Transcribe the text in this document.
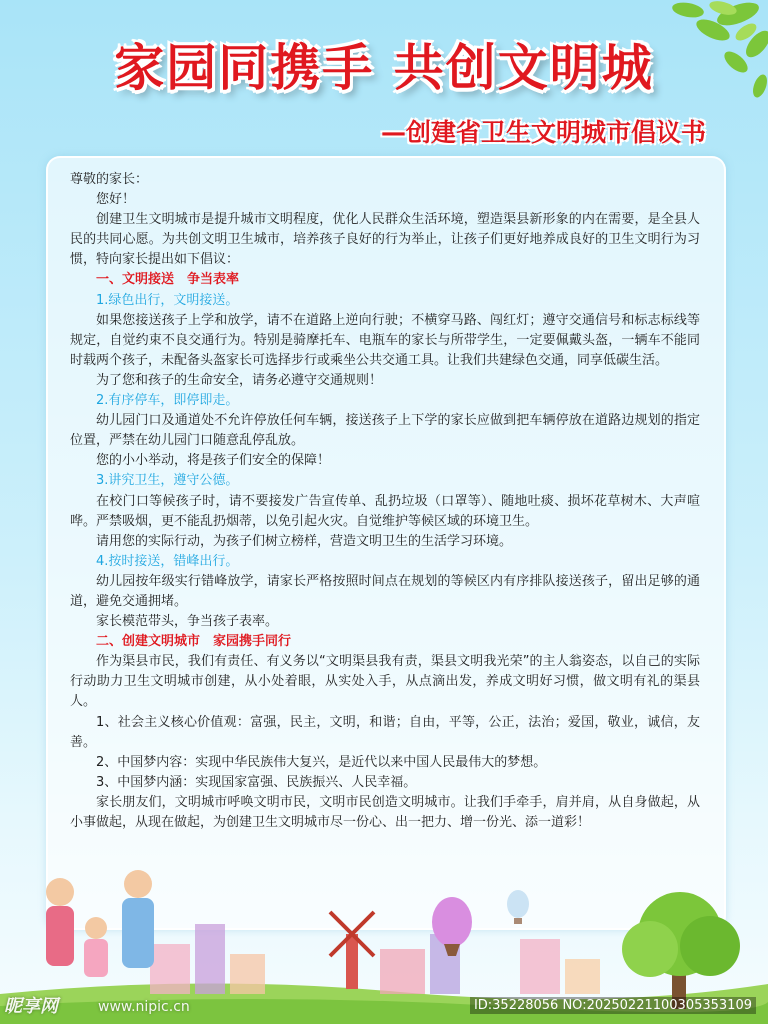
家园同携手 共创文明城
—创建省卫生文明城市倡议书

尊敬的家长：

您好！

创建卫生文明城市是提升城市文明程度，优化人民群众生活环境，塑造渠县新形象的内在需要，是全县人民的共同心愿。为共创文明卫生城市，培养孩子良好的行为举止，让孩子们更好地养成良好的卫生文明行为习惯，特向家长提出如下倡议：

一、文明接送　争当表率

1.绿色出行，文明接送。

如果您接送孩子上学和放学，请不在道路上逆向行驶；不横穿马路、闯红灯；遵守交通信号和标志标线等规定，自觉约束不良交通行为。特别是骑摩托车、电瓶车的家长与所带学生，一定要佩戴头盔，一辆车不能同时载两个孩子，未配备头盔家长可选择步行或乘坐公共交通工具。让我们共建绿色交通，同享低碳生活。

为了您和孩子的生命安全，请务必遵守交通规则！

2.有序停车，即停即走。

幼儿园门口及通道处不允许停放任何车辆，接送孩子上下学的家长应做到把车辆停放在道路边规划的指定位置，严禁在幼儿园门口随意乱停乱放。

您的小小举动，将是孩子们安全的保障！

3.讲究卫生，遵守公德。

在校门口等候孩子时，请不要接发广告宣传单、乱扔垃圾（口罩等）、随地吐痰、损坏花草树木、大声喧哗。严禁吸烟，更不能乱扔烟蒂，以免引起火灾。自觉维护等候区域的环境卫生。

请用您的实际行动，为孩子们树立榜样，营造文明卫生的生活学习环境。

4.按时接送，错峰出行。

幼儿园按年级实行错峰放学，请家长严格按照时间点在规划的等候区内有序排队接送孩子，留出足够的通道，避免交通拥堵。

家长模范带头，争当孩子表率。

二、创建文明城市　家园携手同行

作为渠县市民，我们有责任、有义务以“文明渠县我有责，渠县文明我光荣”的主人翁姿态，以自己的实际行动助力卫生文明城市创建，从小处着眼，从实处入手，从点滴出发，养成文明好习惯，做文明有礼的渠县人。

1、社会主义核心价值观：富强，民主，文明，和谐；自由，平等，公正，法治；爱国，敬业，诚信，友善。

2、中国梦内容：实现中华民族伟大复兴，是近代以来中国人民最伟大的梦想。

3、中国梦内涵：实现国家富强、民族振兴、人民幸福。

家长朋友们，文明城市呼唤文明市民，文明市民创造文明城市。让我们手牵手，肩并肩，从自身做起，从小事做起，从现在做起，为创建卫生文明城市尽一份心、出一把力、增一份光、添一道彩！

昵享网	www.nipic.cn	ID:35228056 NO:20250221100305353109
